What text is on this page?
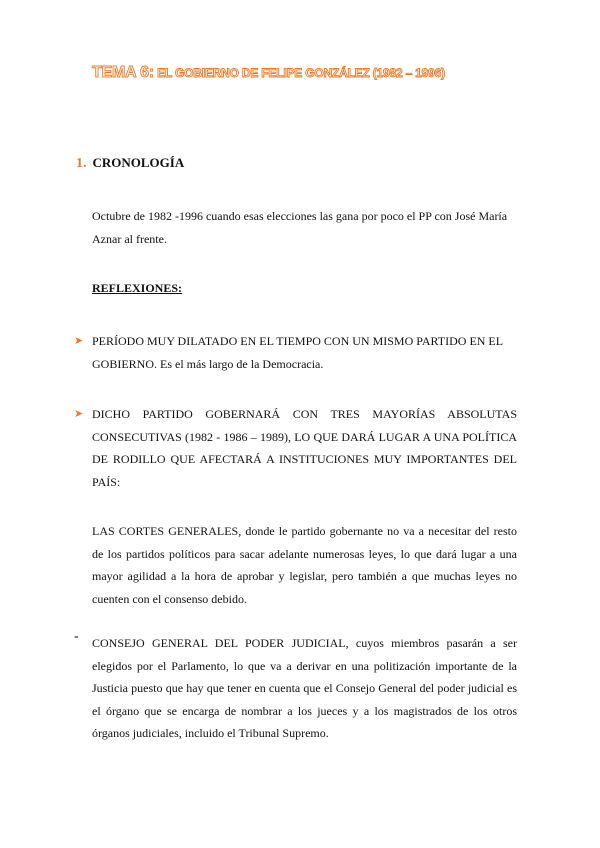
TEMA 6: EL GOBIERNO DE FELIPE GONZÁLEZ (1982 – 1996)
1. CRONOLOGÍA
Octubre de 1982 -1996 cuando esas elecciones las gana por poco el PP con José María Aznar al frente.
REFLEXIONES:
➤ PERÍODO MUY DILATADO EN EL TIEMPO CON UN MISMO PARTIDO EN EL GOBIERNO. Es el más largo de la Democracia.
➤ DICHO PARTIDO GOBERNARÁ CON TRES MAYORÍAS ABSOLUTAS CONSECUTIVAS (1982 - 1986 – 1989), LO QUE DARÁ LUGAR A UNA POLÍTICA DE RODILLO QUE AFECTARÁ A INSTITUCIONES MUY IMPORTANTES DEL PAÍS:
LAS CORTES GENERALES, donde le partido gobernante no va a necesitar del resto de los partidos políticos para sacar adelante numerosas leyes, lo que dará lugar a una mayor agilidad a la hora de aprobar y legislar, pero también a que muchas leyes no cuenten con el consenso debido.
- CONSEJO GENERAL DEL PODER JUDICIAL, cuyos miembros pasarán a ser elegidos por el Parlamento, lo que va a derivar en una politización importante de la Justicia puesto que hay que tener en cuenta que el Consejo General del poder judicial es el órgano que se encarga de nombrar a los jueces y a los magistrados de los otros órganos judiciales, incluido el Tribunal Supremo.
